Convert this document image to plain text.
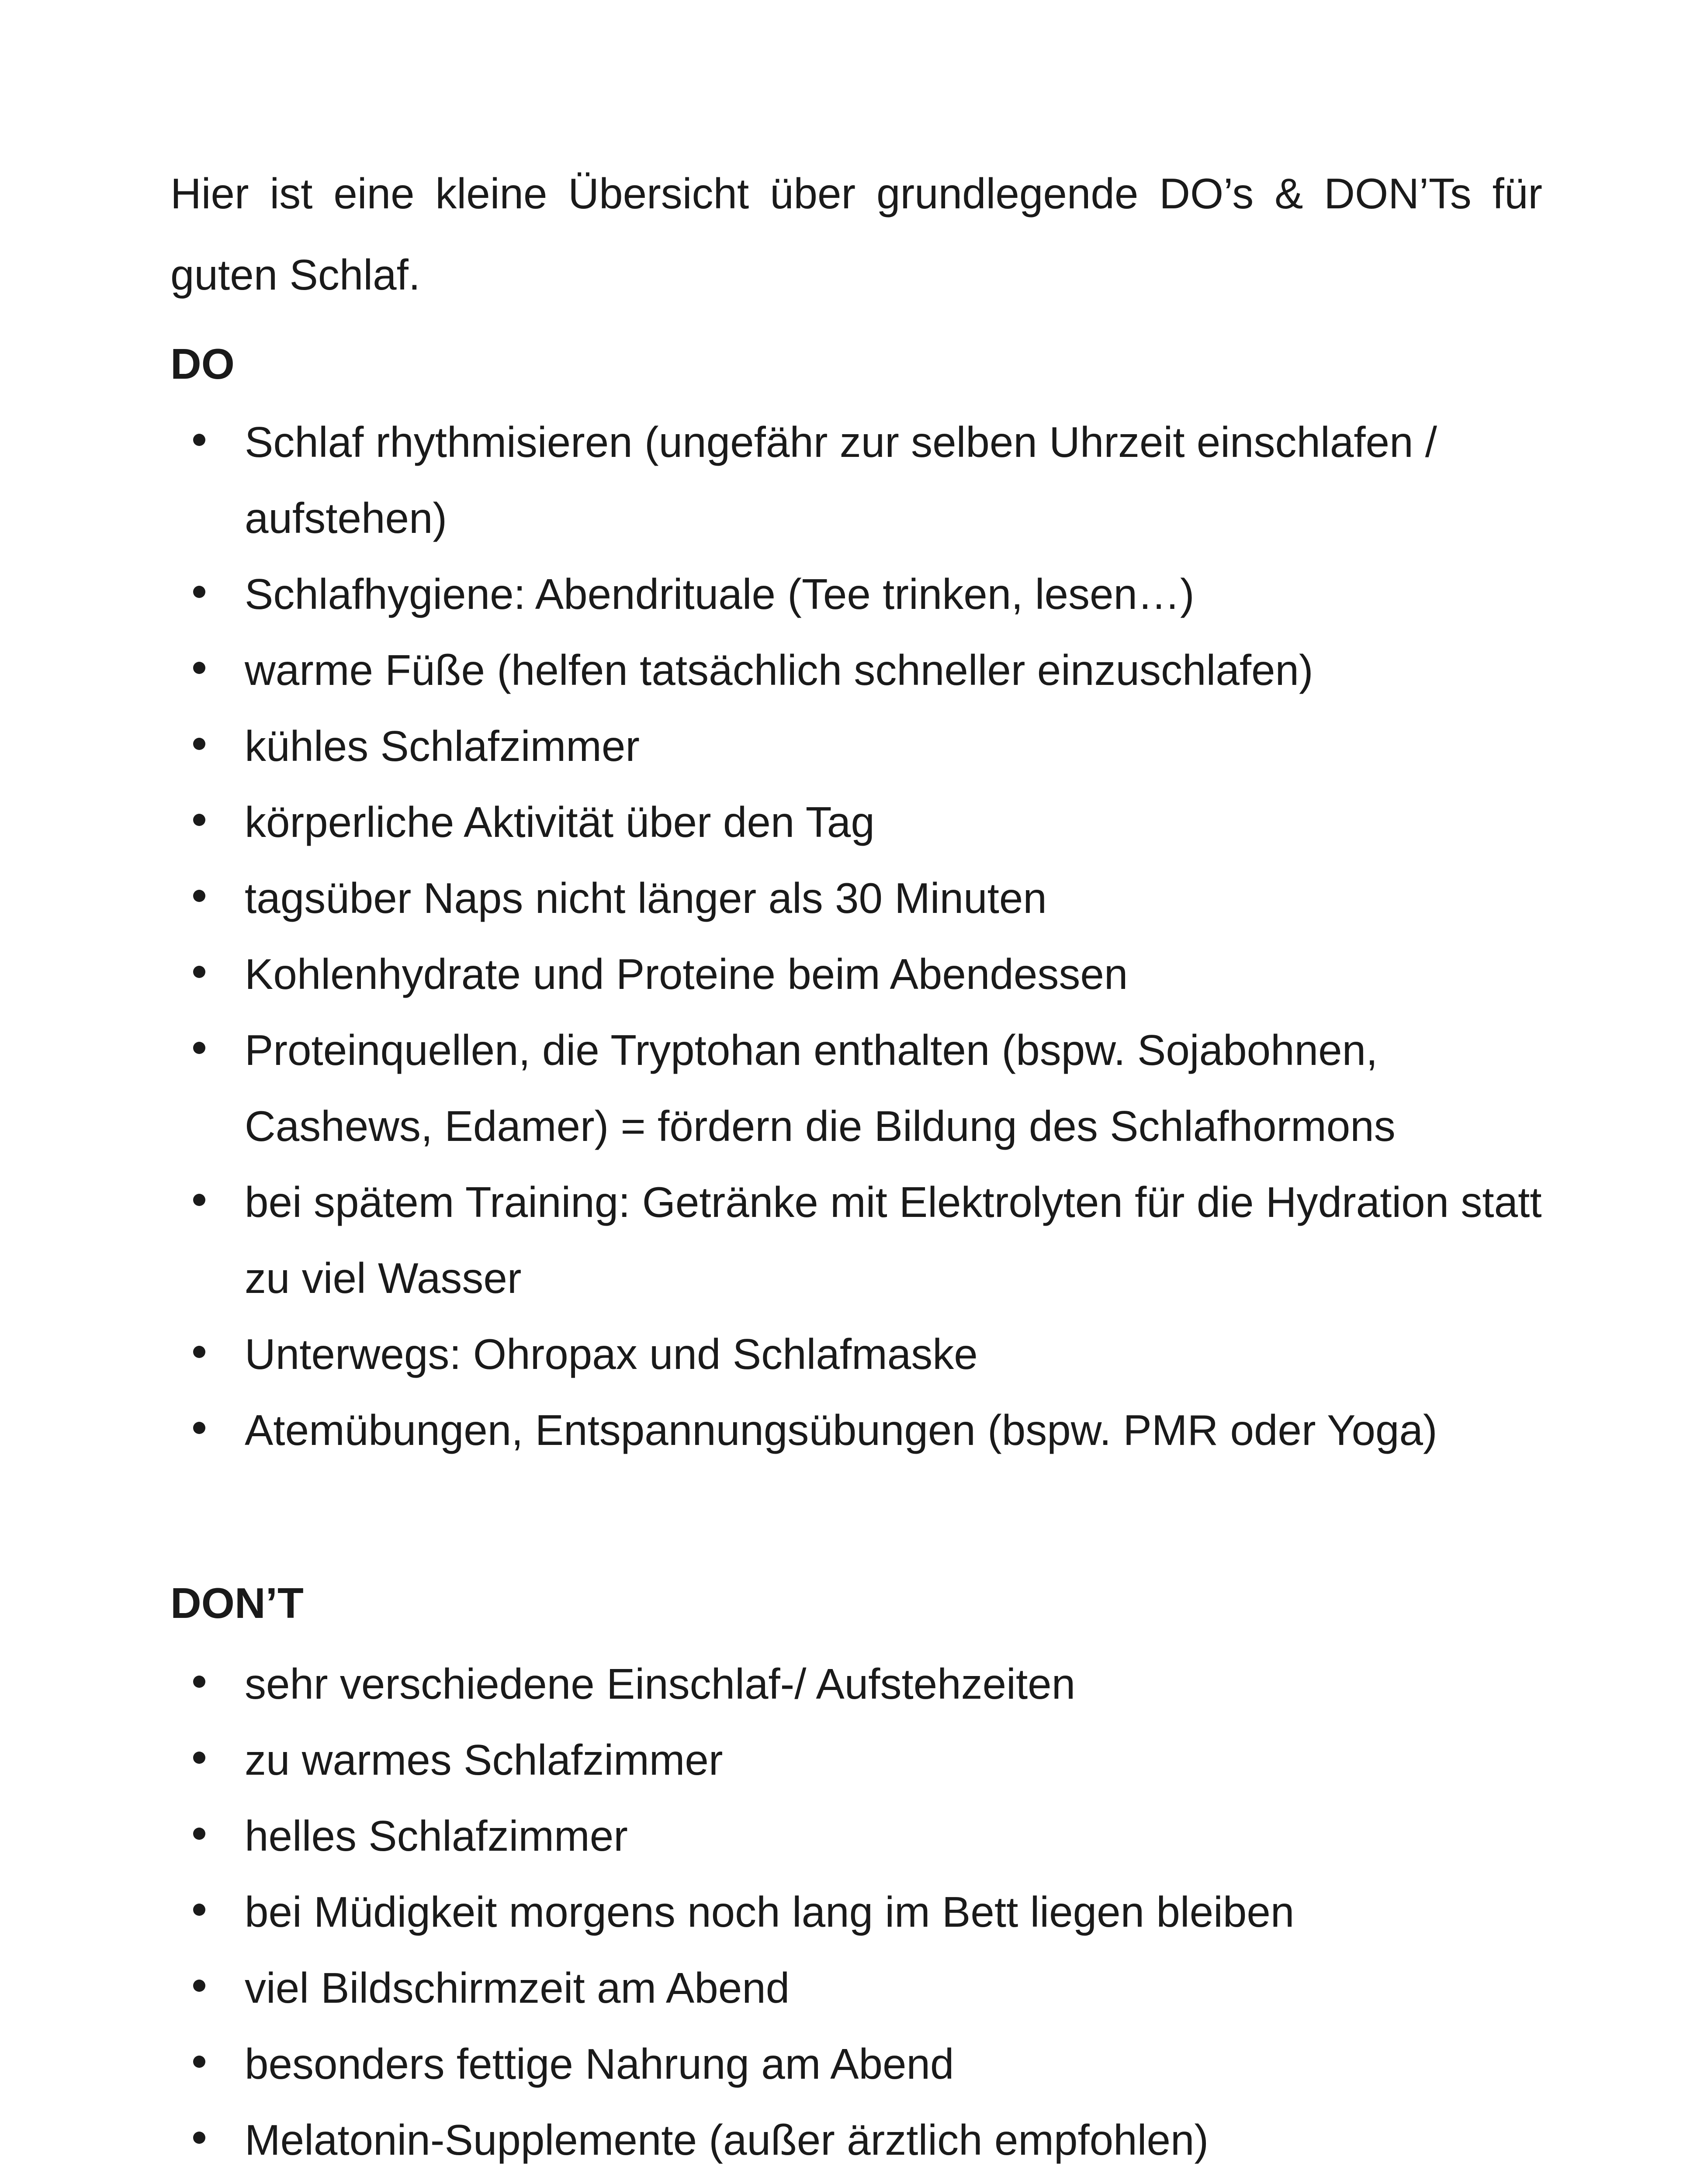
Hier ist eine kleine Übersicht über grundlegende DO’s & DON’Ts für guten Schlaf.

DO
Schlaf rhythmisieren (ungefähr zur selben Uhrzeit einschlafen / aufstehen)
Schlafhygiene: Abendrituale (Tee trinken, lesen…)
warme Füße (helfen tatsächlich schneller einzuschlafen)
kühles Schlafzimmer
körperliche Aktivität über den Tag
tagsüber Naps nicht länger als 30 Minuten
Kohlenhydrate und Proteine beim Abendessen
Proteinquellen, die Tryptohan enthalten (bspw. Sojabohnen, Cashews, Edamer) = fördern die Bildung des Schlafhormons
bei spätem Training: Getränke mit Elektrolyten für die Hydration statt zu viel Wasser
Unterwegs: Ohropax und Schlafmaske
Atemübungen, Entspannungsübungen (bspw. PMR oder Yoga)
DON’T
sehr verschiedene Einschlaf-/ Aufstehzeiten
zu warmes Schlafzimmer
helles Schlafzimmer
bei Müdigkeit morgens noch lang im Bett liegen bleiben
viel Bildschirmzeit am Abend
besonders fettige Nahrung am Abend
Melatonin-Supplemente (außer ärztlich empfohlen)
